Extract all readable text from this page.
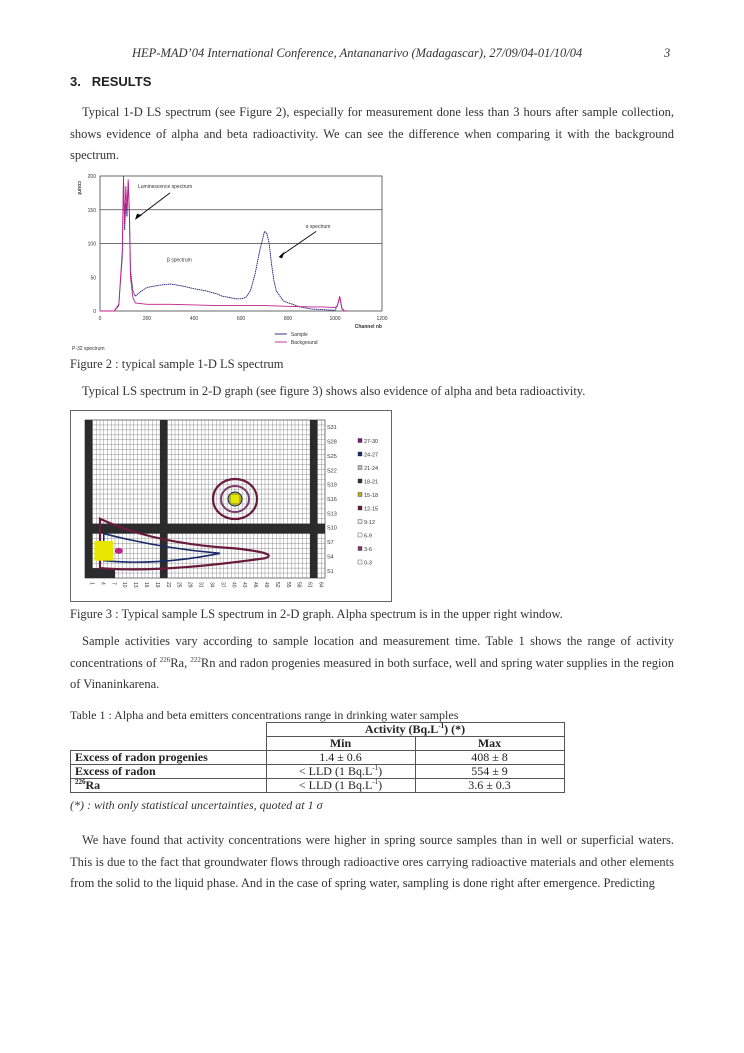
HEP-MAD’04 International Conference, Antananarivo (Madagascar), 27/09/04-01/10/04	3
3. RESULTS
Typical 1-D LS spectrum (see Figure 2), especially for measurement done less than 3 hours after sample collection, shows evidence of alpha and beta radioactivity. We can see the difference when comparing it with the background spectrum.
0
50
100
150
200
0	200	400	600	800	1000	1200
count
Channel nb
Sample
Background
Luminescence spectrum
α spectrum
β spectrum
P-32 spectrum
Figure 2 : typical sample 1-D LS spectrum
Typical LS spectrum in 2-D graph (see figure 3) shows also evidence of alpha and beta radioactivity.
1 4 7 10 13 16 19 22 25 28 31 34 37 40 43 46 49 52 55 58 61 64
S31
S28
S25
S22
S19
S16
S13
S10
S7
S4
S1
27-30
24-27
21-24
18-21
15-18
12-15
9-12
6-9
3-6
0-3
Figure 3 : Typical sample LS spectrum in 2-D graph. Alpha spectrum is in the upper right window.
Sample activities vary according to sample location and measurement time. Table 1 shows the range of activity concentrations of $^{226}$Ra, $^{222}$Rn and radon progenies measured in both surface, well and spring water supplies in the region of Vinaninkarena.
Table 1 : Alpha and beta emitters concentrations range in drinking water samples
	Activity $(Bq.L^{-1})$ (*)	
	Min	Max
Excess of radon progenies	1.4 ± 0.6	408 ± 8
Excess of radon	< LLD (1 $Bq.L^{-1}$)	554 ± 9
$^{226}$Ra	< LLD (1 $Bq.L^{-1}$)	3.6 ± 0.3
(*) : with only statistical uncertainties, quoted at 1 σ
We have found that activity concentrations were higher in spring source samples than in well or superficial waters. This is due to the fact that groundwater flows through radioactive ores carrying radioactive materials and other elements from the solid to the liquid phase. And in the case of spring water, sampling is done right after emergence. Predicting
